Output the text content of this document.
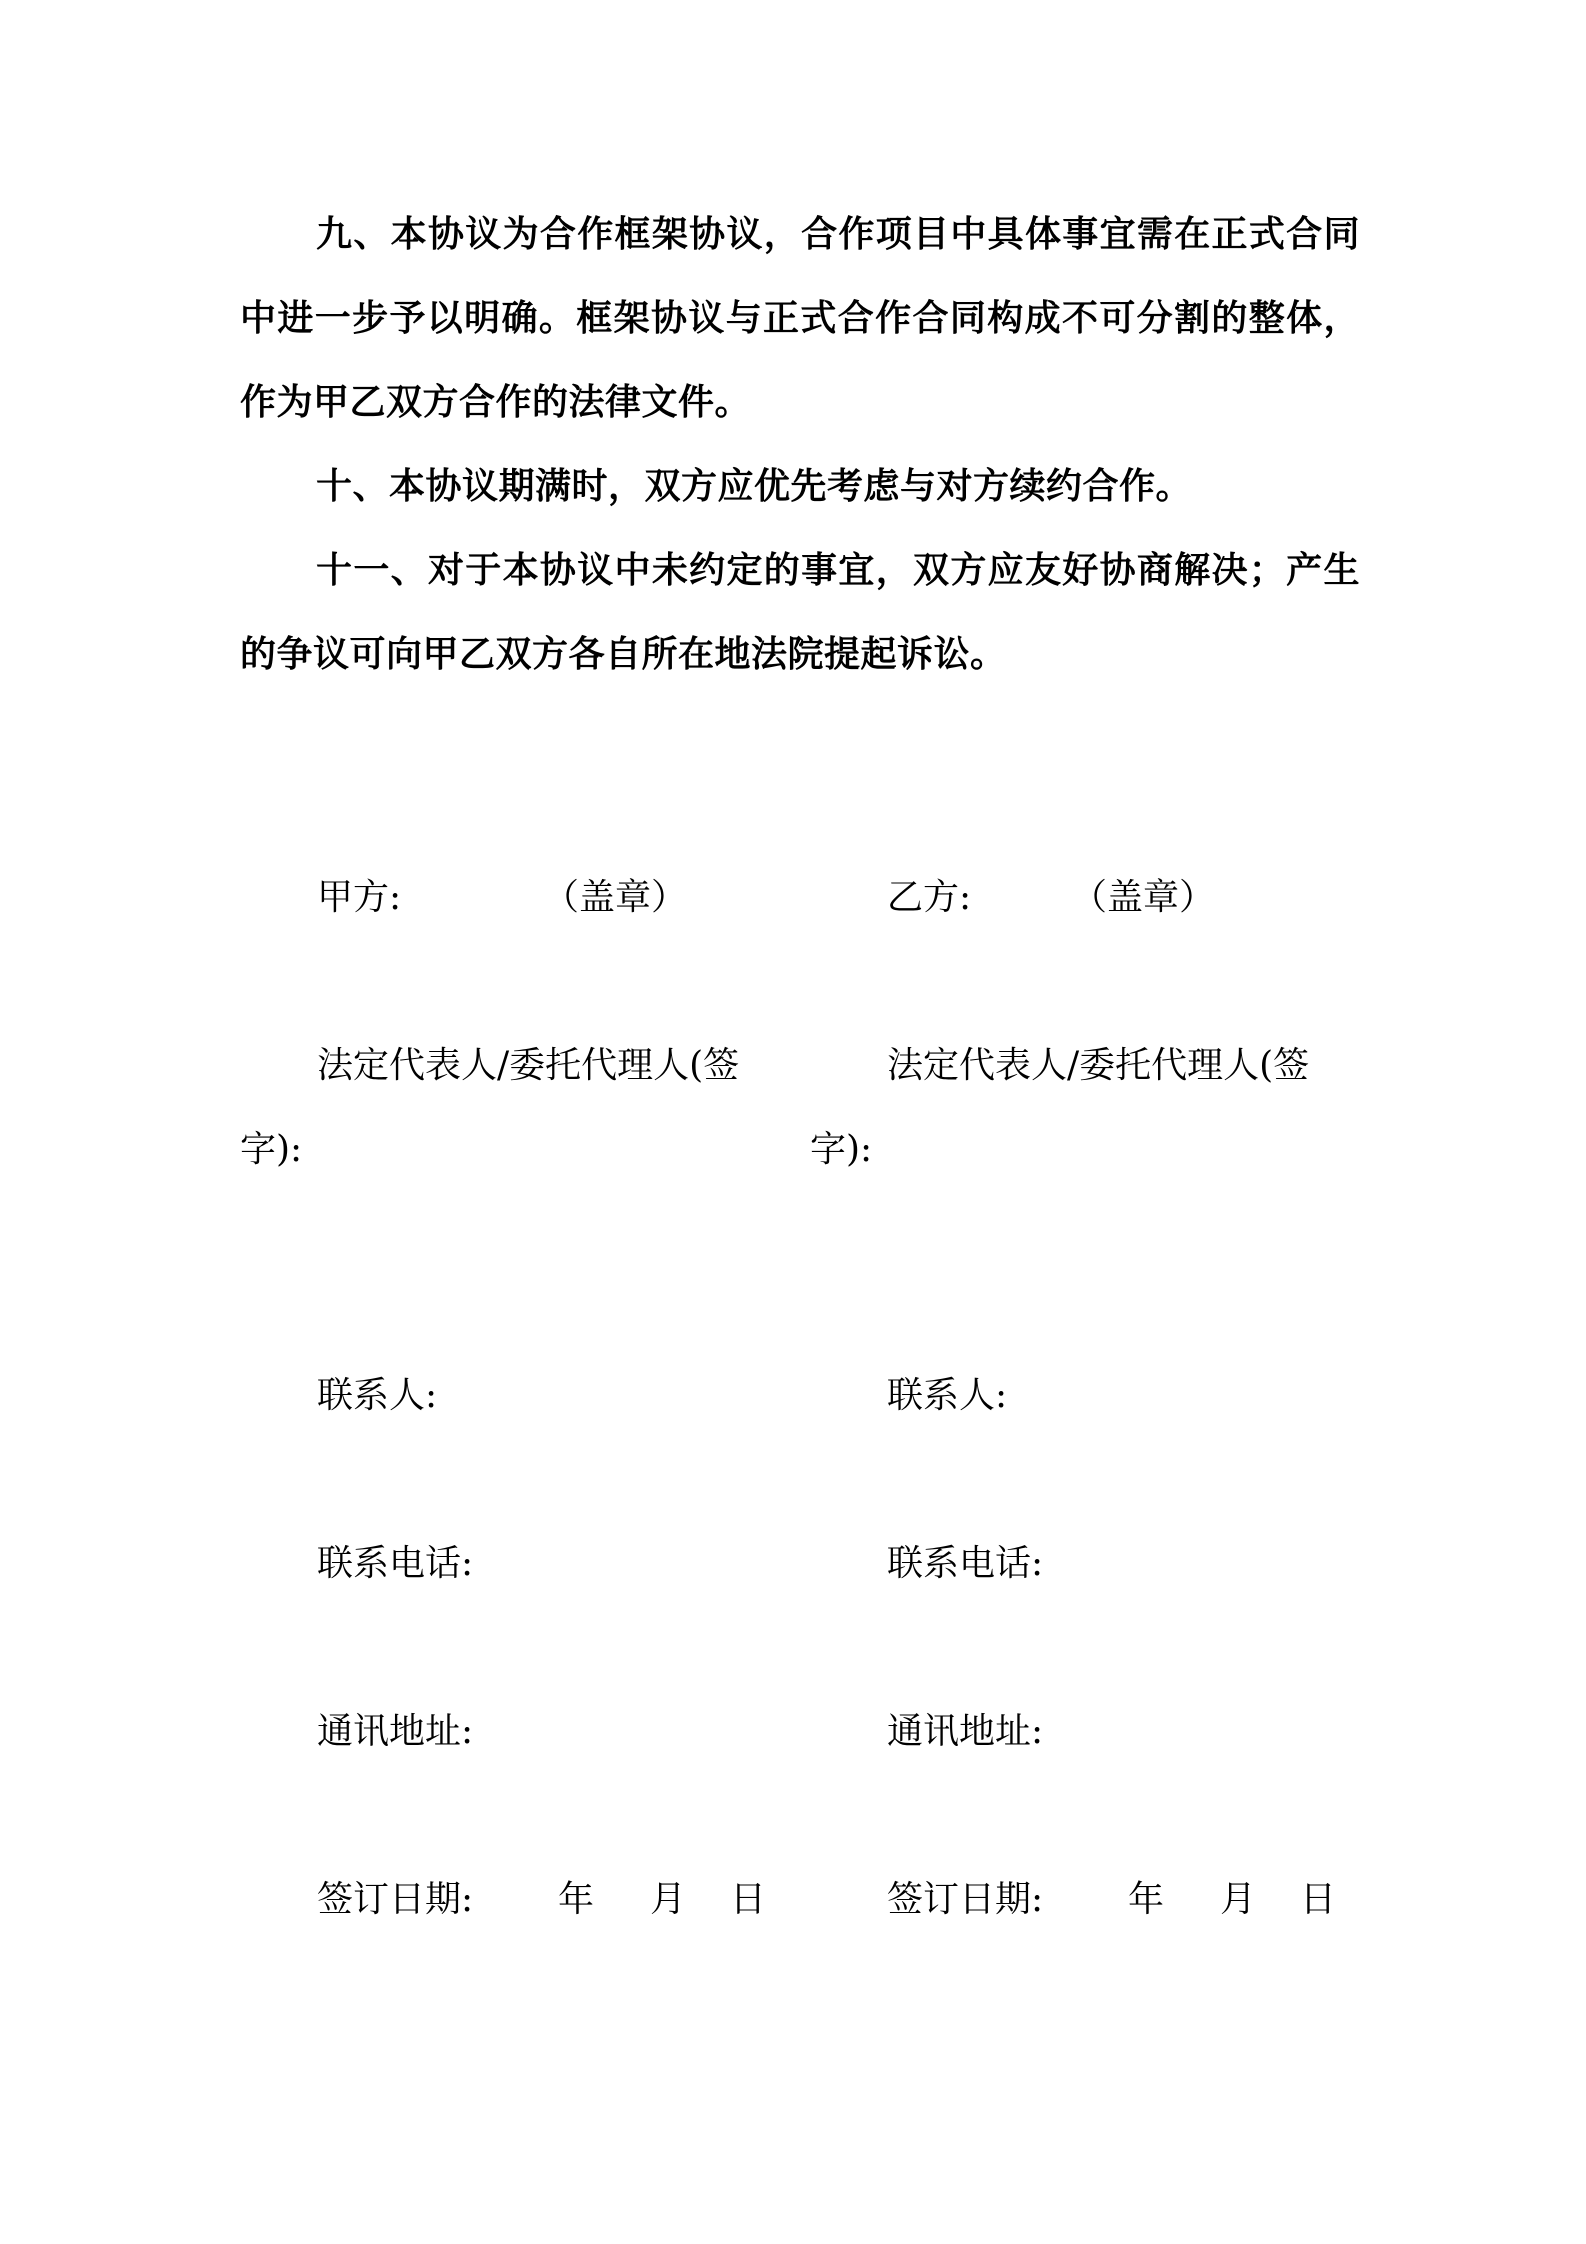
九、本协议为合作框架协议，合作项目中具体事宜需在正式合同中进一步予以明确。框架协议与正式合作合同构成不可分割的整体，作为甲乙双方合作的法律文件。

十、本协议期满时，双方应优先考虑与对方续约合作。

十一、对于本协议中未约定的事宜，双方应友好协商解决；产生的争议可向甲乙双方各自所在地法院提起诉讼。

甲方:	（盖章）
法定代表人/委托代理人(签
字):
联系人:
联系电话:
通讯地址:
签订日期: 年 月 日
乙方:	（盖章）
法定代表人/委托代理人(签
字):
联系人:
联系电话:
通讯地址:
签订日期: 年 月 日
